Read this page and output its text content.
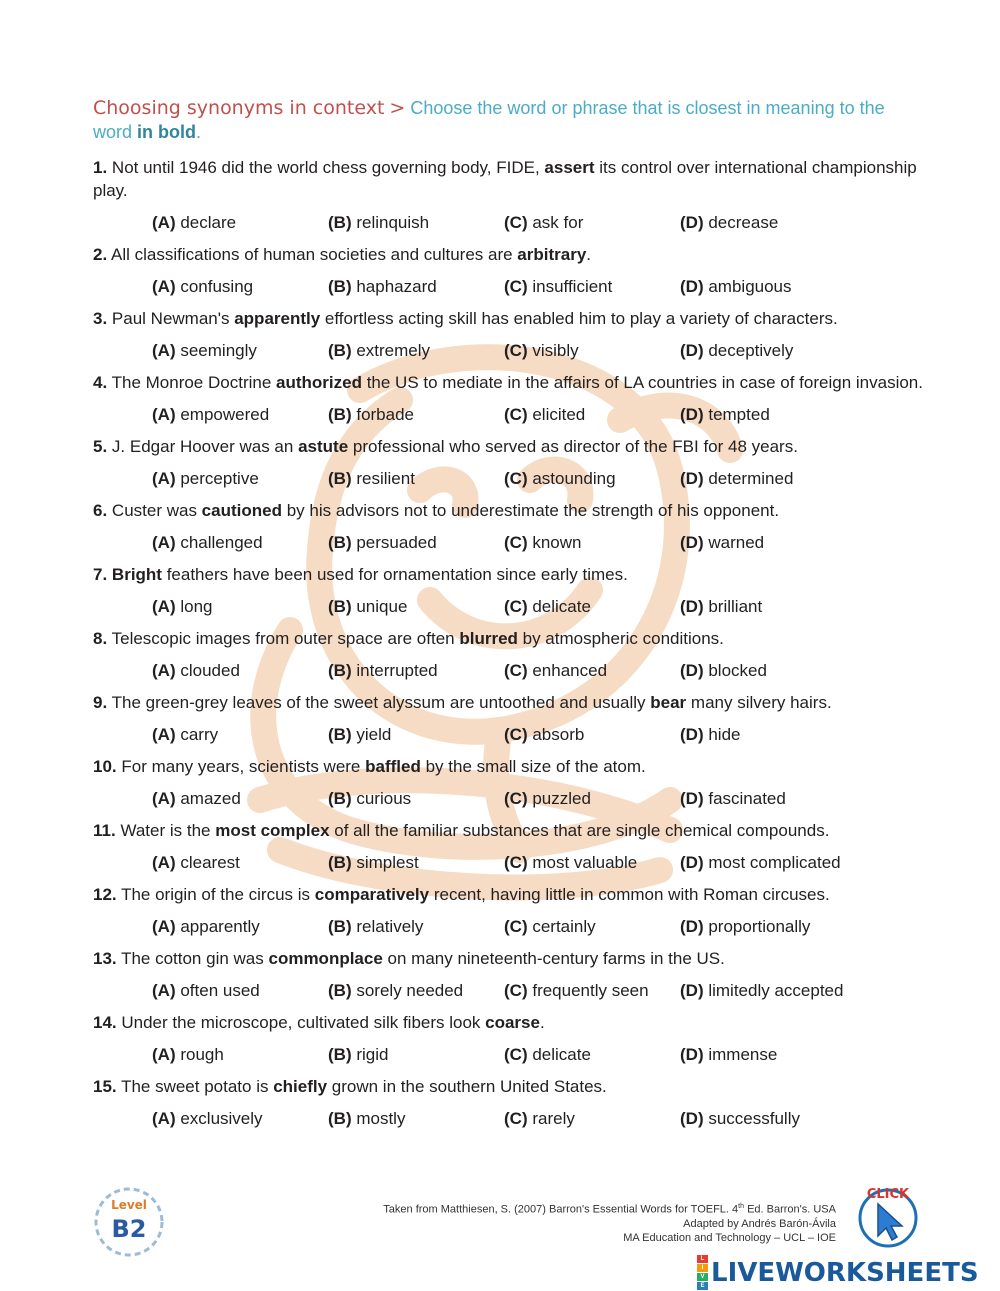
Choosing synonyms in context > Choose the word or phrase that is closest in meaning to the word in bold.

1. Not until 1946 did the world chess governing body, FIDE, assert its control over international championship play.

(A) declare	(B) relinquish	(C) ask for	(D) decrease

2. All classifications of human societies and cultures are arbitrary.

(A) confusing	(B) haphazard	(C) insufficient	(D) ambiguous

3. Paul Newman's apparently effortless acting skill has enabled him to play a variety of characters.

(A) seemingly	(B) extremely	(C) visibly	(D) deceptively

4. The Monroe Doctrine authorized the US to mediate in the affairs of LA countries in case of foreign invasion.

(A) empowered	(B) forbade	(C) elicited	(D) tempted

5. J. Edgar Hoover was an astute professional who served as director of the FBI for 48 years.

(A) perceptive	(B) resilient	(C) astounding	(D) determined

6. Custer was cautioned by his advisors not to underestimate the strength of his opponent.

(A) challenged	(B) persuaded	(C) known	(D) warned

7. Bright feathers have been used for ornamentation since early times.

(A) long	(B) unique	(C) delicate	(D) brilliant

8. Telescopic images from outer space are often blurred by atmospheric conditions.

(A) clouded	(B) interrupted	(C) enhanced	(D) blocked

9. The green-grey leaves of the sweet alyssum are untoothed and usually bear many silvery hairs.

(A) carry	(B) yield	(C) absorb	(D) hide

10. For many years, scientists were baffled by the small size of the atom.

(A) amazed	(B) curious	(C) puzzled	(D) fascinated

11. Water is the most complex of all the familiar substances that are single chemical compounds.

(A) clearest	(B) simplest	(C) most valuable	(D) most complicated

12. The origin of the circus is comparatively recent, having little in common with Roman circuses.

(A) apparently	(B) relatively	(C) certainly	(D) proportionally

13. The cotton gin was commonplace on many nineteenth-century farms in the US.

(A) often used	(B) sorely needed	(C) frequently seen	(D) limitedly accepted

14. Under the microscope, cultivated silk fibers look coarse.

(A) rough	(B) rigid	(C) delicate	(D) immense

15. The sweet potato is chiefly grown in the southern United States.

(A) exclusively	(B) mostly	(C) rarely	(D) successfully
Level
B2
Taken from Matthiesen, S. (2007) Barron's Essential Words for TOEFL. 4th Ed. Barron's. USA
Adapted by Andrés Barón-Ávila
MA Education and Technology – UCL – IOE
CLICK
L
I
V
E LIVEWORKSHEETS
